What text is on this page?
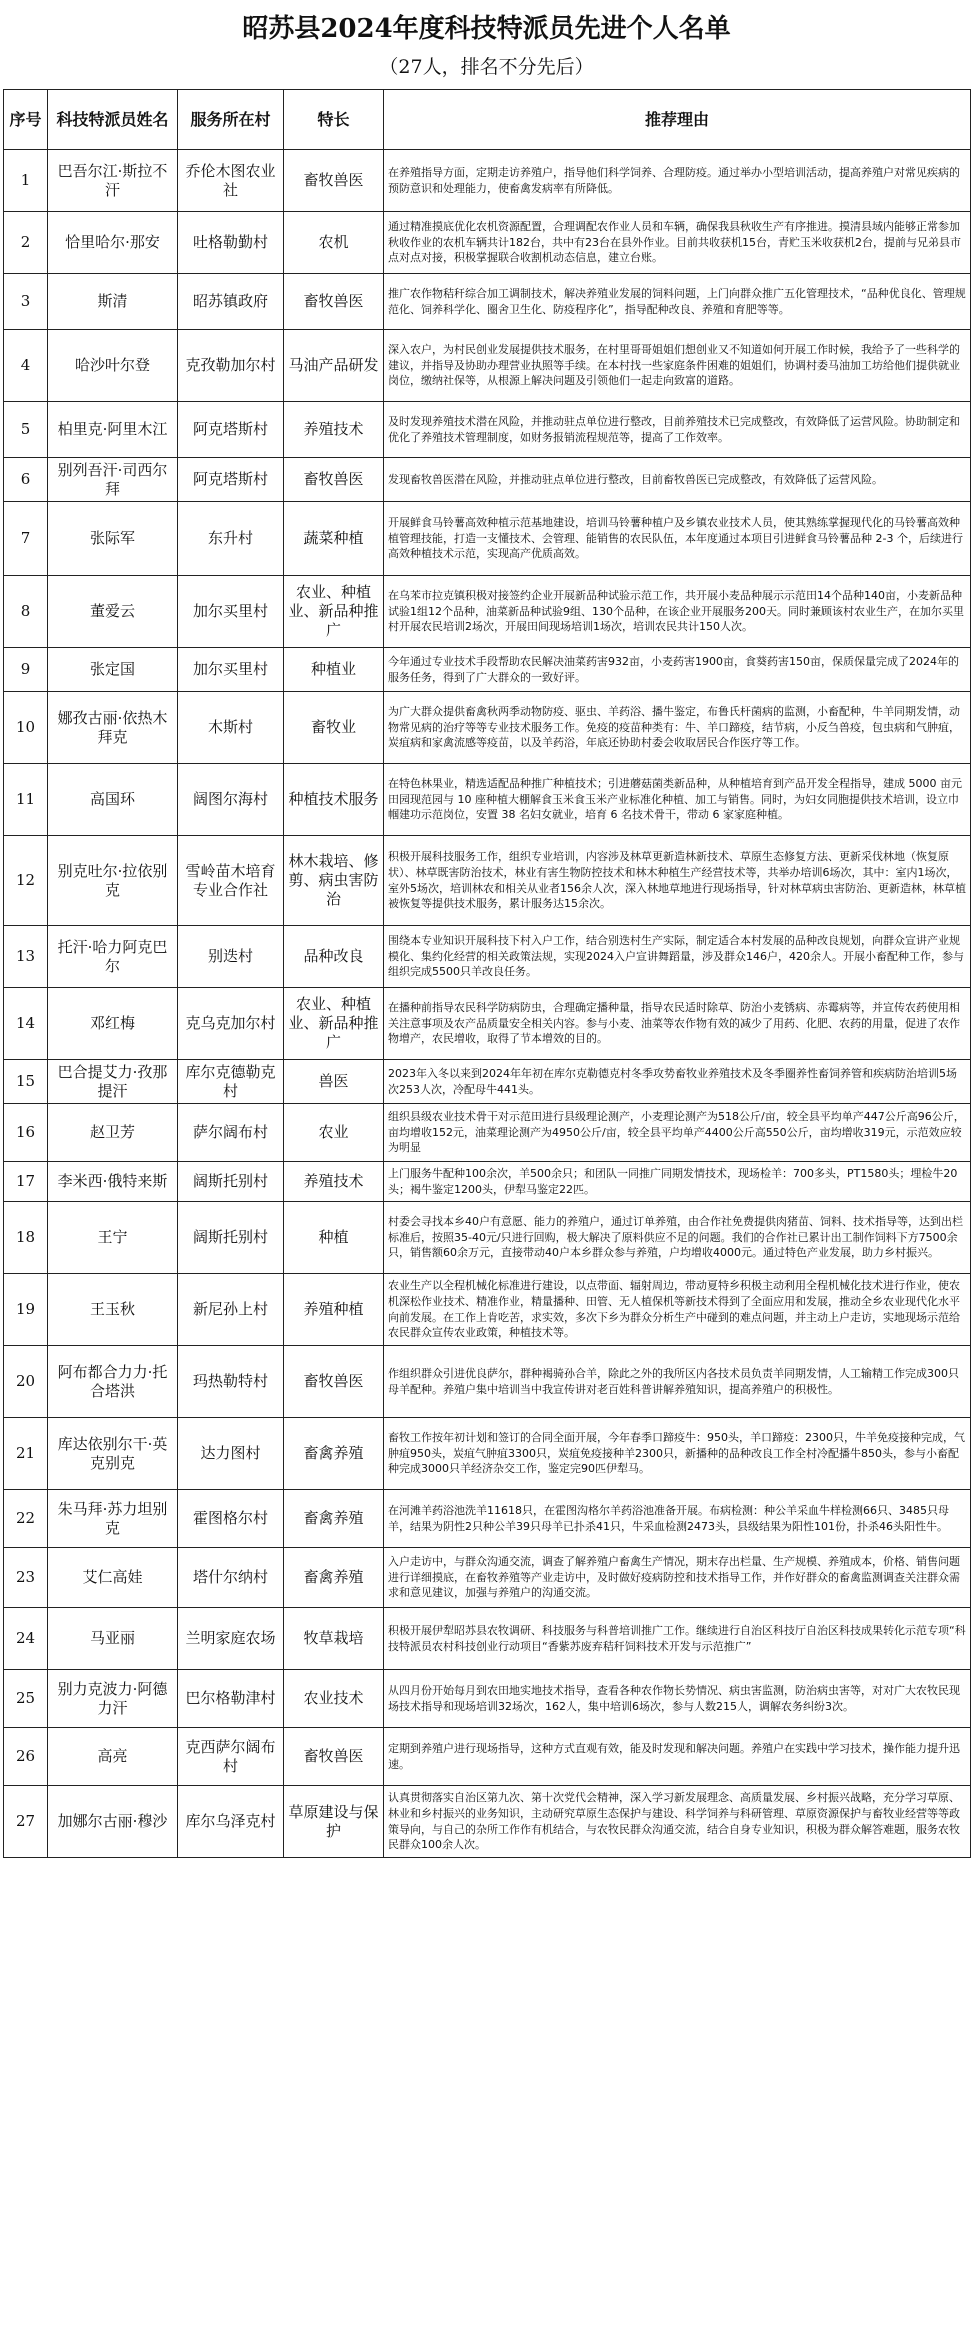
昭苏县2024年度科技特派员先进个人名单
（27人，排名不分先后）
序号	科技特派员姓名	服务所在村	特长	推荐理由
1	巴吾尔江·斯拉不汗	乔伦木图农业社	畜牧兽医	在养殖指导方面，定期走访养殖户，指导他们科学饲养、合理防疫。通过举办小型培训活动，提高养殖户对常见疾病的预防意识和处理能力，使畜禽发病率有所降低。
2	恰里哈尔·那安	吐格勒勤村	农机	通过精准摸底优化农机资源配置，合理调配农作业人员和车辆，确保我县秋收生产有序推进。摸清县域内能够正常参加秋收作业的农机车辆共计182台，共中有23台在县外作业。目前共收获机15台，青贮玉米收获机2台，提前与兄弟县市点对点对接，积极掌握联合收割机动态信息，建立台账。
3	斯清	昭苏镇政府	畜牧兽医	推广农作物秸秆综合加工调制技术，解决养殖业发展的饲料问题，上门向群众推广五化管理技术，“品种优良化、管理规范化、饲养科学化、圈舍卫生化、防疫程序化”，指导配种改良、养殖和育肥等等。
4	哈沙叶尔登	克孜勒加尔村	马油产品研发	深入农户，为村民创业发展提供技术服务，在村里哥哥姐姐们想创业又不知道如何开展工作时候，我给予了一些科学的建议，并指导及协助办理营业执照等手续。在本村找一些家庭条件困难的姐姐们，协调村委马油加工坊给他们提供就业岗位，缴纳社保等，从根源上解决问题及引领他们一起走向致富的道路。
5	柏里克·阿里木江	阿克塔斯村	养殖技术	及时发现养殖技术潜在风险，并推动驻点单位进行整改，目前养殖技术已完成整改，有效降低了运营风险。协助制定和优化了养殖技术管理制度，如财务报销流程规范等，提高了工作效率。
6	别列吾汗·司西尔拜	阿克塔斯村	畜牧兽医	发现畜牧兽医潜在风险，并推动驻点单位进行整改，目前畜牧兽医已完成整改，有效降低了运营风险。
7	张际军	东升村	蔬菜种植	开展鲜食马铃薯高效种植示范基地建设，培训马铃薯种植户及乡镇农业技术人员，使其熟练掌握现代化的马铃薯高效种植管理技能，打造一支懂技术、会管理、能销售的农民队伍，本年度通过本项目引进鲜食马铃薯品种 2-3 个，后续进行高效种植技术示范，实现高产优质高效。
8	董爱云	加尔买里村	农业、种植业、新品种推广	在乌苯市拉克镇积极对接签约企业开展新品种试验示范工作，共开展小麦品种展示示范田14个品种140亩，小麦新品种试验1组12个品种，油菜新品种试验9组、130个品种，在该企业开展服务200天。同时兼顾该村农业生产，在加尔买里村开展农民培训2场次，开展田间现场培训1场次，培训农民共计150人次。
9	张定国	加尔买里村	种植业	今年通过专业技术手段帮助农民解决油菜药害932亩，小麦药害1900亩，食葵药害150亩，保质保量完成了2024年的服务任务，得到了广大群众的一致好评。
10	娜孜古丽·依热木拜克	木斯村	畜牧业	为广大群众提供畜禽秋两季动物防疫、驱虫、羊药浴、播牛鉴定，布鲁氏杆菌病的监测，小畜配种，牛羊同期发情，动物常见病的治疗等等专业技术服务工作。免疫的疫苗种类有：牛、羊口蹄疫，结节病，小反刍兽疫，包虫病和气肿疽，炭疽病和家禽流感等疫苗，以及羊药浴，年底还协助村委会收取居民合作医疗等工作。
11	高国环	阔图尔海村	种植技术服务	在特色林果业，精选适配品种推广种植技术；引进蘑菇菌类新品种，从种植培育到产品开发全程指导，建成 5000 亩元田园现范园与 10 座种植大棚解食玉米食玉米产业标准化种植、加工与销售。同时，为妇女同胞提供技术培训，设立巾帼建功示范岗位，安置 38 名妇女就业，培育 6 名技术骨干，带动 6 家家庭种植。
12	别克吐尔·拉依别克	雪岭苗木培育专业合作社	林木栽培、修剪、病虫害防治	积极开展科技服务工作，组织专业培训，内容涉及林草更新造林新技术、草原生态修复方法、更新采伐林地（恢复原状）、林草既害防治技术，林业有害生物防控技术和林木种植生产经营技术等，共举办培训6场次，其中：室内1场次，室外5场次，培训林农和相关从业者156余人次，深入林地草地进行现场指导，针对林草病虫害防治、更新造林，林草植被恢复等提供技术服务，累计服务达15余次。
13	托汗·哈力阿克巴尔	别迭村	品种改良	围绕本专业知识开展科技下村入户工作，结合别迭村生产实际，制定适合本村发展的品种改良规划，向群众宣讲产业规模化、集约化经营的相关政策法规，实现2024入户宣讲舞蹈量，涉及群众146户，420余人。开展小畜配种工作，参与组织完成5500只羊改良任务。
14	邓红梅	克乌克加尔村	农业、种植业、新品种推广	在播种前指导农民科学防病防虫，合理确定播种量，指导农民适时除草、防治小麦锈病、赤霉病等，并宣传农药使用相关注意事项及农产品质量安全相关内容。参与小麦、油菜等农作物有效的减少了用药、化肥、农药的用量，促进了农作物增产，农民增收，取得了节本增效的目的。
15	巴合提艾力·孜那提汗	库尔克德勒克村	兽医	2023年入冬以来到2024年年初在库尔克勒德克村冬季攻势畜牧业养殖技术及冬季圈养性畜饲养管和疾病防治培训5场次253人次，冷配母牛441头。
16	赵卫芳	萨尔阔布村	农业	组织县级农业技术骨干对示范田进行县级理论测产，小麦理论测产为518公斤/亩，较全县平均单产447公斤高96公斤，亩均增收152元，油菜理论测产为4950公斤/亩，较全县平均单产4400公斤高550公斤，亩均增收319元，示范效应较为明显
17	李米西·俄特来斯	阔斯托别村	养殖技术	上门服务牛配种100余次，羊500余只；和团队一同推广同期发情技术，现场检羊：700多头，PT1580头；埋检牛20头；褐牛鉴定1200头，伊犁马鉴定22匹。
18	王宁	阔斯托别村	种植	村委会寻找本乡40户有意愿、能力的养殖户，通过订单养殖，由合作社免费提供肉猪苗、饲料、技术指导等，达到出栏标准后，按照35-40元/只进行回购，极大解决了原料供应不足的问题。我们的合作社已累计出工制作饲料下方7500余只，销售额60余万元，直接带动40户本乡群众参与养殖，户均增收4000元。通过特色产业发展，助力乡村振兴。
19	王玉秋	新尼孙上村	养殖种植	农业生产以全程机械化标准进行建设，以点带面、辐射周边，带动夏特乡积极主动利用全程机械化技术进行作业，使农机深松作业技术、精准作业，精量播种、田管、无人植保机等新技术得到了全面应用和发展，推动全乡农业现代化水平向前发展。在工作上肯吃苦，求实效，多次下乡为群众分析生产中碰到的难点问题，并主动上户走访，实地现场示范给农民群众宣传农业政策，种植技术等。
20	阿布都合力力·托合塔洪	玛热勒特村	畜牧兽医	作组织群众引进优良萨尔，群种褐骑孙合羊，除此之外的我所区内各技术员负责羊同期发情，人工输精工作完成300只母羊配种。养殖户集中培训当中我宣传讲对老百姓科普讲解养殖知识，提高养殖户的积极性。
21	库达依别尔干·英克别克	达力图村	畜禽养殖	畜牧工作按年初计划和签订的合同全面开展，今年春季口蹄疫牛：950头，羊口蹄疫：2300只，牛羊免疫接种完成，气肿疽950头，炭疽气肿疽3300只，炭疽免疫接种羊2300只，新播种的品种改良工作全村冷配播牛850头，参与小畜配种完成3000只羊经济杂交工作，鉴定完90匹伊犁马。
22	朱马拜·苏力坦别克	霍图格尔村	畜禽养殖	在河滩羊药浴池洗羊11618只，在霍图沟格尔羊药浴池准备开展。布病检测：种公羊采血牛样检测66只、3485只母羊，结果为阴性2只种公羊39只母羊已扑杀41只，牛采血检测2473头，县级结果为阳性101份，扑杀46头阳性牛。
23	艾仁高娃	塔什尔纳村	畜禽养殖	入户走访中，与群众沟通交流，调查了解养殖户畜禽生产情况，期末存出栏量、生产规模、养殖成本，价格、销售问题进行详细摸底，在畜牧养殖等产业走访中，及时做好疫病防控和技术指导工作，并作好群众的畜禽监测调查关注群众需求和意见建议，加强与养殖户的沟通交流。
24	马亚丽	兰明家庭农场	牧草栽培	积极开展伊犁昭苏县农牧调研、科技服务与科普培训推广工作。继续进行自治区科技厅自治区科技成果转化示范专项“科技特派员农村科技创业行动项目“香紫苏废弃秸秆饲料技术开发与示范推广”
25	别力克波力·阿德力汗	巴尔格勒津村	农业技术	从四月份开始每月到农田地实地技术指导，查看各种农作物长势情况、病虫害监测，防治病虫害等，对对广大农牧民现场技术指导和现场培训32场次，162人，集中培训6场次，参与人数215人，调解农务纠纷3次。
26	高亮	克西萨尔阔布村	畜牧兽医	定期到养殖户进行现场指导，这种方式直观有效，能及时发现和解决问题。养殖户在实践中学习技术，操作能力提升迅速。
27	加娜尔古丽·穆沙	库尔乌泽克村	草原建设与保护	认真贯彻落实自治区第九次、第十次党代会精神，深入学习新发展理念、高质量发展、乡村振兴战略，充分学习草原、林业和乡村振兴的业务知识，主动研究草原生态保护与建设、科学饲养与科研管理、草原资源保护与畜牧业经营等等政策导向，与自己的杂所工作作有机结合，与农牧民群众沟通交流，结合自身专业知识，积极为群众解答难题，服务农牧民群众100余人次。
